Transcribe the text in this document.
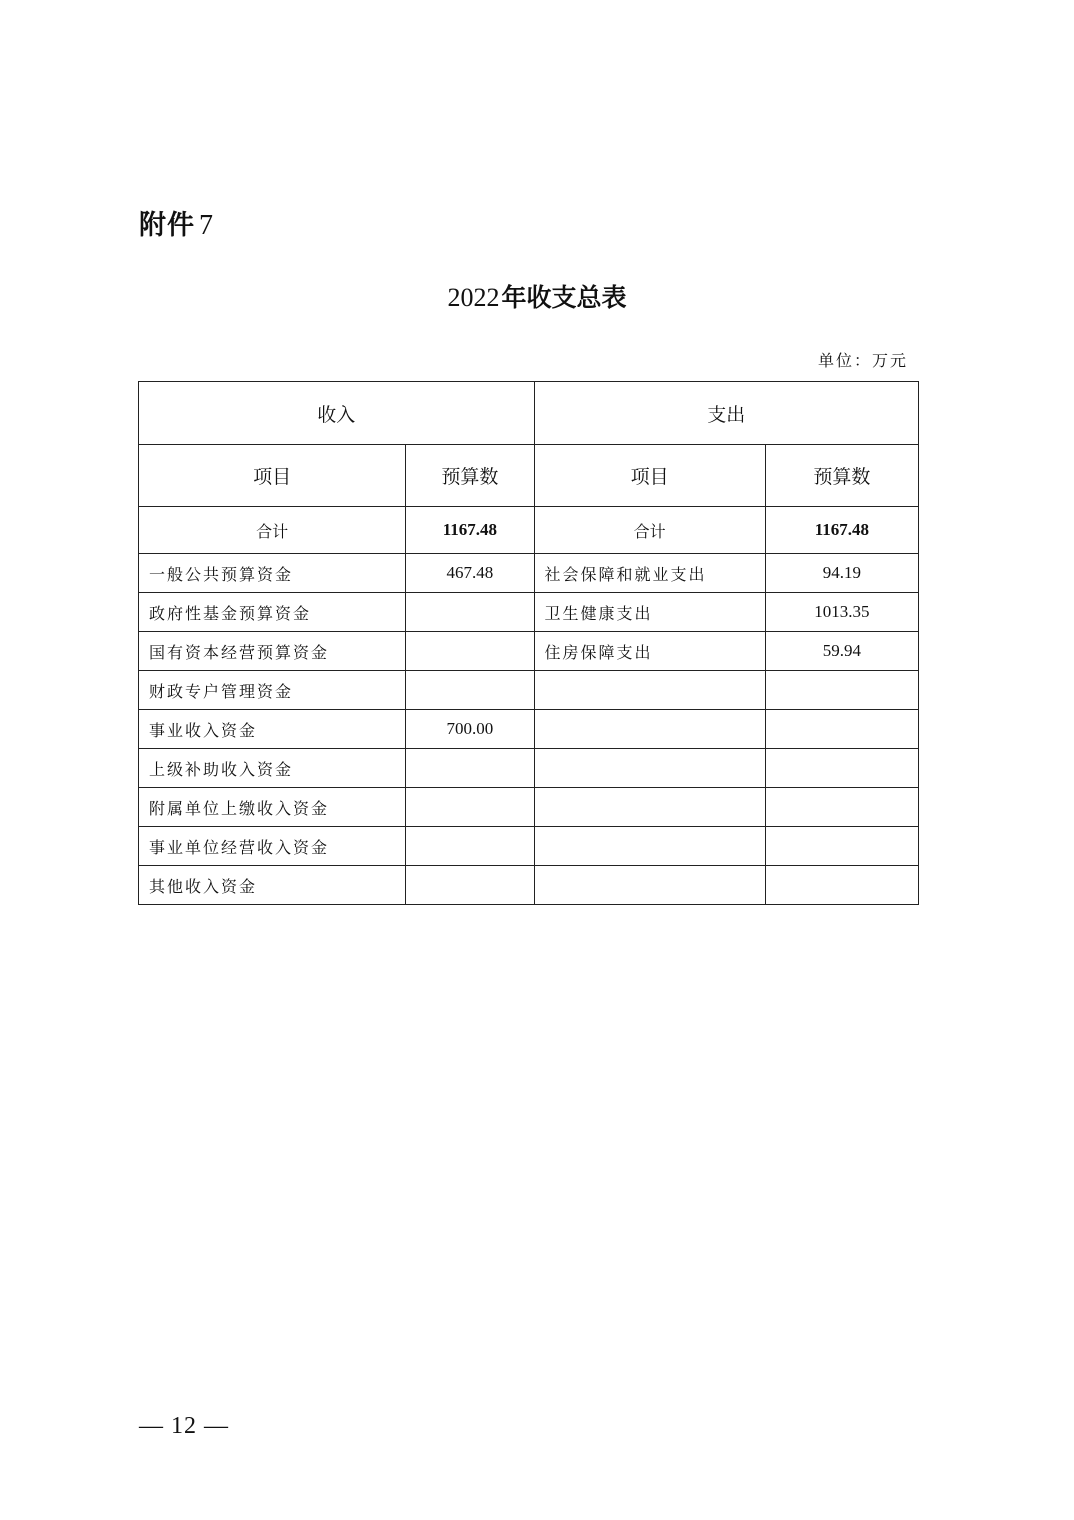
附件 7
2022年收支总表
单位：万元
收入		支出	
项目	预算数	项目	预算数
合计	1167.48	合计	1167.48
一般公共预算资金	467.48	社会保障和就业支出	94.19
政府性基金预算资金		卫生健康支出	1013.35
国有资本经营预算资金		住房保障支出	59.94
财政专户管理资金			
事业收入资金	700.00		
上级补助收入资金			
附属单位上缴收入资金			
事业单位经营收入资金			
其他收入资金			
— 12 —
